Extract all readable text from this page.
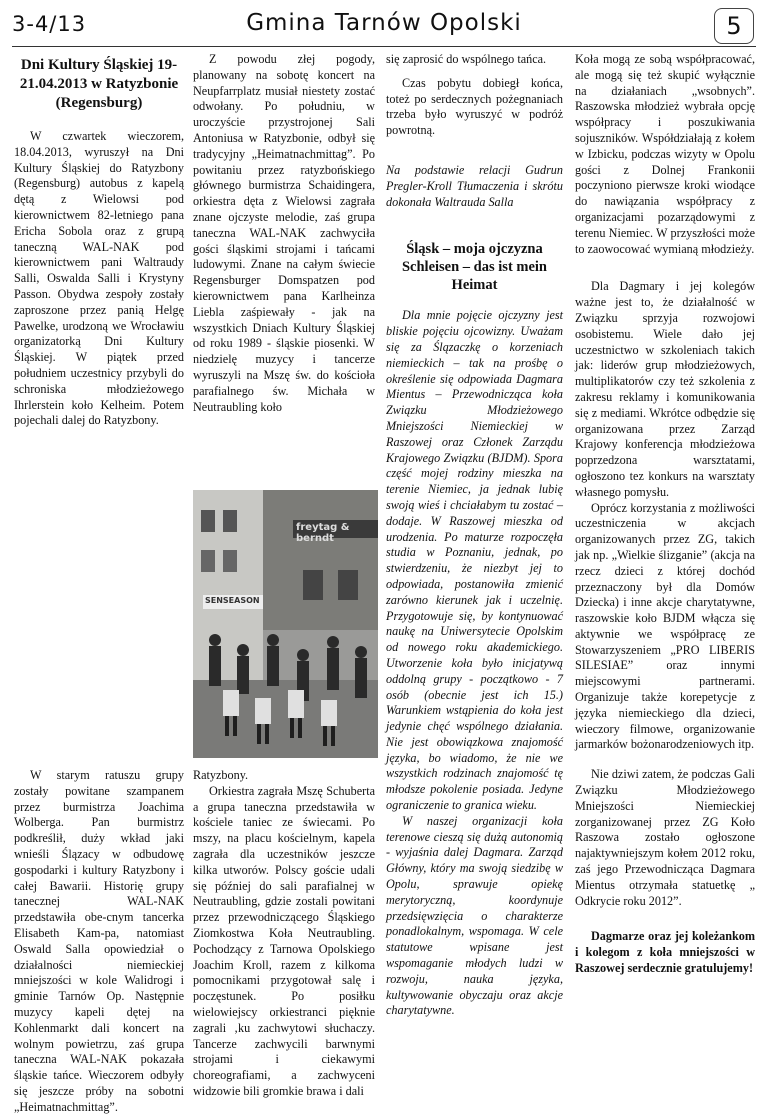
3-4/13	Gmina Tarnów Opolski	5
Dni Kultury Śląskiej 19-21.04.2013 w Ratyzbonie (Regensburg)

W czwartek wieczorem, 18.04.2013, wyruszył na Dni Kultury Śląskiej do Ratyzbony (Regensburg) autobus z kapelą dętą z Wielowsi pod kierownictwem 82-letniego pana Ericha Sobola oraz z grupą taneczną WAL-NAK pod kierownictwem pani Waltraudy Salli, Oswalda Salli i Krystyny Passon. Obydwa zespoły zostały zaproszone przez panią Helgę Pawelke, urodzoną we Wrocławiu organizatorką Dni Kultury Śląskiej. W piątek przed południem uczestnicy przybyli do schroniska młodzieżowego Ihrlerstein koło Kelheim. Potem pojechali dalej do Ratyzbony.

W starym ratuszu grupy zostały powitane szampanem przez burmistrza Joachima Wolberga. Pan burmistrz podkreślił, duży wkład jaki wnieśli Ślązacy w odbudowę gospodarki i kultury Ratyzbony i całej Bawarii. Historię grupy tanecznej WAL-NAK przedstawiła obe-cnym tancerka Elisabeth Kam-pa, natomiast Oswald Salla opowiedział o działalności niemieckiej mniejszości w kole Walidrogi i gminie Tarnów Op. Następnie muzycy kapeli dętej na Kohlenmarkt dali koncert na wolnym powietrzu, zaś grupa taneczna WAL-NAK pokazała śląskie tańce. Wieczorem odbyły się jeszcze próby na sobotni „Heimatnachmittag”.

Z powodu złej pogody, planowany na sobotę koncert na Neupfarrplatz musiał niestety zostać odwołany. Po południu, w uroczyście przystrojonej Sali Antoniusa w Ratyzbonie, odbył się tradycyjny „Heimatnachmittag”. Po powitaniu przez ratyzbońskiego głównego burmistrza Schaidingera, orkiestra dęta z Wielowsi zagrała znane ojczyste melodie, zaś grupa taneczna WAL-NAK zachwyciła gości śląskimi strojami i tańcami ludowymi. Znane na całym świecie Regensburger Domspatzen pod kierownictwem pana Karlheinza Liebla zaśpiewały - jak na wszystkich Dniach Kultury Śląskiej od roku 1989 - śląskie piosenki. W niedzielę muzycy i tancerze wyruszyli na Mszę św. do kościoła parafialnego św. Michała w Neutraubling koło

freytag & berndt
SENSEASON

Ratyzbony.

Orkiestra zagrała Mszę Schuberta a grupa taneczna przedstawiła w kościele taniec ze świecami. Po mszy, na placu kościelnym, kapela zagrała dla uczestników jeszcze kilka utworów. Polscy goście udali się później do sali parafialnej w Neutraubling, gdzie zostali powitani przez przewodniczącego Śląskiego Ziomkostwa Koła Neutraubling. Pochodzący z Tarnowa Opolskiego Joachim Kroll, razem z kilkoma pomocnikami przygotował salę i poczęstunek. Po posiłku wielowiejscy orkiestranci pięknie zagrali ‚ku zachwytowi słuchaczy. Tancerze zachwycili barwnymi strojami i ciekawymi choreografiami, a zachwyceni widzowie bili gromkie brawa i dali

się zaprosić do wspólnego tańca.

Czas pobytu dobiegł końca, toteż po serdecznych pożegnaniach trzeba było wyruszyć w podróż powrotną.

Na podstawie relacji Gudrun Pregler-Kroll Tłumaczenia i skrótu dokonała Waltrauda Salla

Śląsk – moja ojczyzna Schleisen – das ist mein Heimat

Dla mnie pojęcie ojczyzny jest bliskie pojęciu ojcowizny. Uważam się za Ślązaczkę o korzeniach niemieckich – tak na prośbę o określenie się odpowiada Dagmara Mientus – Przewodnicząca koła Związku Młodzieżowego Mniejszości Niemieckiej w Raszowej oraz Członek Zarządu Krajowego Związku (BJDM). Spora część mojej rodziny mieszka na terenie Niemiec, ja jednak lubię swoją wieś i chciałabym tu zostać – dodaje. W Raszowej mieszka od urodzenia. Po maturze rozpoczęła studia w Poznaniu, jednak, po stwierdzeniu, że niezbyt jej to odpowiada, postanowiła zmienić zarówno kierunek jak i uczelnię. Przygotowuje się, by kontynuować naukę na Uniwersytecie Opolskim od nowego roku akademickiego. Utworzenie koła było inicjatywą oddolną grupy - początkowo - 7 osób (obecnie jest ich 15.) Warunkiem wstąpienia do koła jest jedynie chęć wspólnego działania. Nie jest obowiązkowa znajomość języka, bo wiadomo, że nie we wszystkich rodzinach znajomość tę młodsze pokolenie posiada. Jedyne ograniczenie to granica wieku.

W naszej organizacji koła terenowe cieszą się dużą autonomią - wyjaśnia dalej Dagmara. Zarząd Główny, który ma swoją siedzibę w Opolu, sprawuje opiekę merytoryczną, koordynuje przedsięwzięcia o charakterze ponadlokalnym, wspomaga. W cele statutowe wpisane jest wspomaganie młodych ludzi w rozwoju, nauka języka, kultywowanie obyczaju oraz akcje charytatywne.

Koła mogą ze sobą współpracować, ale mogą się też skupić wyłącznie na działaniach „wsobnych”. Raszowska młodzież wybrała opcję współpracy i poszukiwania sojuszników. Współdziałają z kołem w Izbicku, podczas wizyty w Opolu gości z Dolnej Frankonii poczyniono pierwsze kroki wiodące do nawiązania współpracy z organizacjami pozarządowymi z terenu Niemiec. W przyszłości może to zaowocować wymianą młodzieży.

Dla Dagmary i jej kolegów ważne jest to, że działalność w Związku sprzyja rozwojowi osobistemu. Wiele dało jej uczestnictwo w szkoleniach takich jak: liderów grup młodzieżowych, multiplikatorów czy też szkolenia z zakresu reklamy i komunikowania się z mediami. Wkrótce odbędzie się organizowana przez Zarząd Krajowy konferencja młodzieżowa poprzedzona warsztatami, ogłoszono tez konkurs na warsztaty własnego pomysłu.

Oprócz korzystania z możliwości uczestniczenia w akcjach organizowanych przez ZG, takich jak np. „Wielkie ślizganie” (akcja na rzecz dzieci z której dochód przeznaczony był dla Domów Dziecka) i inne akcje charytatywne, raszowskie koło BJDM włącza się aktywnie we współpracę ze Stowarzyszeniem „PRO LIBERIS SILESIAE” oraz innymi miejscowymi partnerami. Organizuje także korepetycje z języka niemieckiego dla dzieci, wieczory filmowe, organizowanie jarmarków bożonarodzeniowych itp.

Nie dziwi zatem, że podczas Gali Związku Młodzieżowego Mniejszości Niemieckiej zorganizowanej przez ZG Koło Raszowa zostało ogłoszone najaktywniejszym kołem 2012 roku, zaś jego Przewodnicząca Dagmara Mientus otrzymała statuetkę „ Odkrycie roku 2012”.

Dagmarze oraz jej koleżankom i kolegom z koła mniejszości w Raszowej serdecznie gratulujemy!
